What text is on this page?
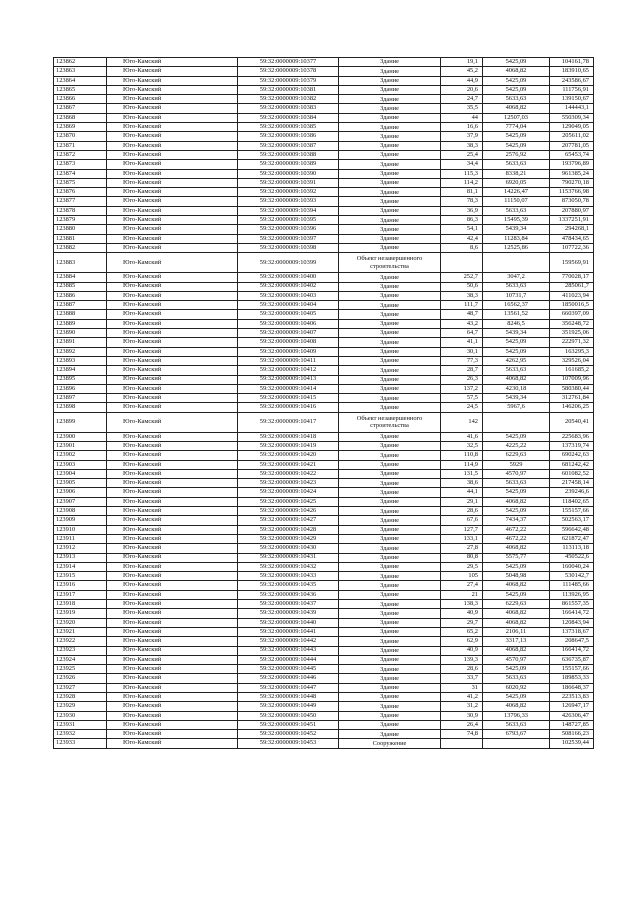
123862	Юго-Камский	59:32:0000009:10377	Здание	19,1	5425,09	104161,78
123863	Юго-Камский	59:32:0000009:10378	Здание	45,2	4068,82	183910,65
123864	Юго-Камский	59:32:0000009:10379	Здание	44,9	5425,09	243586,67
123865	Юго-Камский	59:32:0000009:10381	Здание	20,6	5425,09	111756,91
123866	Юго-Камский	59:32:0000009:10382	Здание	24,7	5633,63	139150,67
123867	Юго-Камский	59:32:0000009:10383	Здание	35,5	4068,82	144443,1
123868	Юго-Камский	59:32:0000009:10384	Здание	44	12507,03	550309,34
123869	Юго-Камский	59:32:0000009:10385	Здание	16,6	7774,04	129049,05
123870	Юго-Камский	59:32:0000009:10386	Здание	37,9	5425,09	205611,02
123871	Юго-Камский	59:32:0000009:10387	Здание	38,3	5425,09	207781,05
123872	Юго-Камский	59:32:0000009:10388	Здание	25,4	2576,92	65453,74
123873	Юго-Камский	59:32:0000009:10389	Здание	34,4	5633,63	193796,89
123874	Юго-Камский	59:32:0000009:10390	Здание	115,3	8338,21	961385,24
123875	Юго-Камский	59:32:0000009:10391	Здание	114,2	6920,05	790270,18
123876	Юго-Камский	59:32:0000009:10392	Здание	81,1	14226,47	1153766,98
123877	Юго-Камский	59:32:0000009:10393	Здание	78,3	11150,07	873050,78
123878	Юго-Камский	59:32:0000009:10394	Здание	36,9	5633,63	207880,97
123879	Юго-Камский	59:32:0000009:10395	Здание	86,3	15495,39	1337251,91
123880	Юго-Камский	59:32:0000009:10396	Здание	54,1	5439,34	294268,1
123881	Юго-Камский	59:32:0000009:10397	Здание	42,4	11283,84	478434,65
123882	Юго-Камский	59:32:0000009:10398	Здание	8,6	12525,86	107722,36
123883	Юго-Камский	59:32:0000009:10399	Объект незавершенного строительства			159569,91
123884	Юго-Камский	59:32:0000009:10400	Здание	252,7	3047,2	770028,17
123885	Юго-Камский	59:32:0000009:10402	Здание	50,6	5633,63	285061,7
123886	Юго-Камский	59:32:0000009:10403	Здание	38,3	10731,7	411023,94
123887	Юго-Камский	59:32:0000009:10404	Здание	111,7	16562,37	1850016,5
123888	Юго-Камский	59:32:0000009:10405	Здание	48,7	13561,52	660397,09
123889	Юго-Камский	59:32:0000009:10406	Здание	43,2	8246,5	356248,72
123890	Юго-Камский	59:32:0000009:10407	Здание	64,7	5439,34	351925,06
123891	Юго-Камский	59:32:0000009:10408	Здание	41,1	5425,09	222971,32
123892	Юго-Камский	59:32:0000009:10409	Здание	30,1	5425,09	163295,3
123893	Юго-Камский	59:32:0000009:10411	Здание	77,3	4262,95	329526,04
123894	Юго-Камский	59:32:0000009:10412	Здание	28,7	5633,63	161685,2
123895	Юго-Камский	59:32:0000009:10413	Здание	26,3	4068,82	107009,96
123896	Юго-Камский	59:32:0000009:10414	Здание	137,2	4230,18	580380,44
123897	Юго-Камский	59:32:0000009:10415	Здание	57,5	5439,34	312761,84
123898	Юго-Камский	59:32:0000009:10416	Здание	24,5	5967,6	146206,25
123899	Юго-Камский	59:32:0000009:10417	Объект незавершенного строительства	142		20540,41
123900	Юго-Камский	59:32:0000009:10418	Здание	41,6	5425,09	225683,96
123901	Юго-Камский	59:32:0000009:10419	Здание	32,5	4225,22	137319,74
123902	Юго-Камский	59:32:0000009:10420	Здание	110,8	6229,63	690242,63
123903	Юго-Камский	59:32:0000009:10421	Здание	114,9	5929	681242,42
123904	Юго-Камский	59:32:0000009:10422	Здание	131,5	4570,97	601082,52
123905	Юго-Камский	59:32:0000009:10423	Здание	38,6	5633,63	217458,14
123906	Юго-Камский	59:32:0000009:10424	Здание	44,1	5425,09	239246,6
123907	Юго-Камский	59:32:0000009:10425	Здание	29,1	4068,82	118402,65
123908	Юго-Камский	59:32:0000009:10426	Здание	28,6	5425,09	155157,66
123909	Юго-Камский	59:32:0000009:10427	Здание	67,6	7434,37	502563,17
123910	Юго-Камский	59:32:0000009:10428	Здание	127,7	4672,22	596642,48
123911	Юго-Камский	59:32:0000009:10429	Здание	133,1	4672,22	621872,47
123912	Юго-Камский	59:32:0000009:10430	Здание	27,8	4068,82	113113,18
123913	Юго-Камский	59:32:0000009:10431	Здание	80,8	5575,77	450522,6
123914	Юго-Камский	59:32:0000009:10432	Здание	29,5	5425,09	160040,24
123915	Юго-Камский	59:32:0000009:10433	Здание	105	5048,98	530142,7
123916	Юго-Камский	59:32:0000009:10435	Здание	27,4	4068,82	111485,66
123917	Юго-Камский	59:32:0000009:10436	Здание	21	5425,09	113926,95
123918	Юго-Камский	59:32:0000009:10437	Здание	138,3	6229,63	861557,35
123919	Юго-Камский	59:32:0000009:10439	Здание	40,9	4068,82	166414,72
123920	Юго-Камский	59:32:0000009:10440	Здание	29,7	4068,82	120843,94
123921	Юго-Камский	59:32:0000009:10441	Здание	65,2	2106,11	137318,67
123922	Юго-Камский	59:32:0000009:10442	Здание	62,9	3317,13	208647,5
123923	Юго-Камский	59:32:0000009:10443	Здание	40,9	4068,82	166414,72
123924	Юго-Камский	59:32:0000009:10444	Здание	139,3	4570,97	636735,87
123925	Юго-Камский	59:32:0000009:10445	Здание	28,6	5425,09	155157,66
123926	Юго-Камский	59:32:0000009:10446	Здание	33,7	5633,63	189853,33
123927	Юго-Камский	59:32:0000009:10447	Здание	31	6020,92	186648,37
123928	Юго-Камский	59:32:0000009:10448	Здание	41,2	5425,09	223513,83
123929	Юго-Камский	59:32:0000009:10449	Здание	31,2	4068,82	126947,17
123930	Юго-Камский	59:32:0000009:10450	Здание	30,9	13796,33	426306,47
123931	Юго-Камский	59:32:0000009:10451	Здание	26,4	5633,63	148727,85
123932	Юго-Камский	59:32:0000009:10452	Здание	74,8	6793,67	508166,23
123933	Юго-Камский	59:32:0000009:10453	Сооружение			102539,44
